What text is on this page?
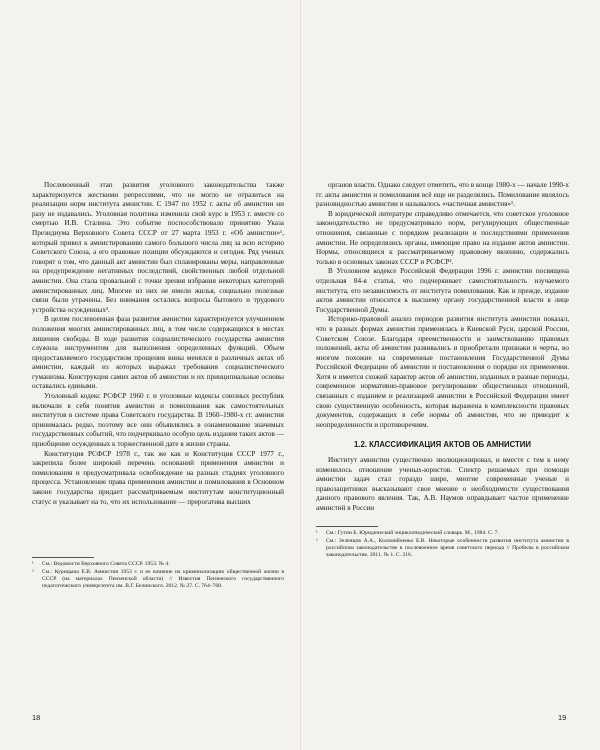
Послевоенный этап развития уголовного законодательства также характеризуется жесткими репрессиями, что не могло не отразиться на реализации норм института амнистии. С 1947 по 1952 г. акты об амнистии ни разу не издавались. Уголовная политика изменила свой курс в 1953 г. вместе со смертью И.В. Сталина. Это событие поспособствовало принятию Указа Президиума Верховного Совета СССР от 27 марта 1953 г. «Об амнистии»¹, который привел к амнистированию самого большого числа лиц за всю историю Советского Союза, а его правовые позиции обсуждаются и сегодня. Ряд ученых говорят о том, что данный акт амнистии был спланированы меры, направленные на предупреждение негативных последствий, свойственных любой отдельной амнистии. Она стала провальной с точки зрения избрания некоторых категорий амнистированных лиц. Многие из них не имели жилья, социально полезные связи были утрачены. Без внимания остались вопросы бытового и трудового устройства осужденных².

В целом послевоенная фаза развития амнистии характеризуется улучшением положения многих амнистированных лиц, в том числе содержащихся в местах лишения свободы. В ходе развития социалистического государства амнистия служила инструментом для выполнения определенных функций. Объем предоставляемого государством прощения вины менялся в различных актах об амнистии, каждый из которых выражал требования социалистического гуманизма. Конструкция самих актов об амнистии и их принципиальные основы оставались едиными.

Уголовный кодекс РСФСР 1960 г. и уголовные кодексы союзных республик включали в себя понятия амнистии и помилования как самостоятельных институтов в системе права Советского государства. В 1960–1980-х гг. амнистия принималась редко, поэтому все они объявлялись в ознаменование значимых государственных событий, что подчеркивало особую цель издания таких актов — приобщение осужденных к торжественной дате в жизни страны.

Конституция РСФСР 1978 г., так же как и Конституция СССР 1977 г., закрепила более широкий перечень оснований применения амнистии и помилования и предусматривала освобождение на разных стадиях уголовного процесса. Установление права применения амнистии и помилования в Основном законе государства придает рассматриваемым институтам конституционный статус и указывает на то, что их использование — прерогатива высших

¹	См.: Ведомости Верховного Совета СССР. 1953. № 4.
²	См.: Курицына Е.В. Амнистия 1953 г. и ее влияние на криминализацию общественной жизни в СССР (на материалах Пензенской области) // Известия Пензенского государственного педагогического университета им. В.Г. Белинского. 2012. № 27. С. 764–768.
18

органов власти. Однако следует отметить, что в конце 1980-х — начале 1990-х гг. акты амнистии и помилования всё еще не разделялись. Помилование являлось разновидностью амнистии и называлось «частичная амнистия»¹.

В юридической литературе справедливо отмечается, что советское уголовное законодательство не предусматривало норм, регулирующих общественные отношения, связанные с порядком реализации и последствиями применения амнистии. Не определялись органы, имеющие право на издание актов амнистии. Нормы, относящиеся к рассматриваемому правовому явлению, содержались только в основных законах СССР и РСФСР².

В Уголовном кодексе Российской Федерации 1996 г. амнистии посвящена отдельная 84-я статья, что подчеркивает самостоятельность изучаемого института, его независимость от института помилования. Как и прежде, издание актов амнистии относится к высшему органу государственной власти в лице Государственной Думы.

Историко-правовой анализ периодов развития института амнистии показал, что в разных формах амнистия применялась в Киевской Руси, царской России, Советском Союзе. Благодаря преемственности и заимствованию правовых положений, акты об амнистии развивались и приобретали признаки и черты, во многом похожие на современные постановления Государственной Думы Российской Федерации об амнистии и постановления о порядке их применения. Хотя и имеется схожий характер актов об амнистии, изданных в разные периоды, современное нормативно-правовое регулирование общественных отношений, связанных с изданием и реализацией амнистии в Российской Федерации имеет свою существенную особенность, которая выражена в комплексности правовых документов, содержащих в себе нормы об амнистии, что не приводит к неопределенности и противоречиям.

1.2. КЛАССИФИКАЦИЯ АКТОВ ОБ АМНИСТИИ

Институт амнистии существенно эволюционировал, и вместе с тем к нему изменилось отношение ученых-юристов. Спектр решаемых при помощи амнистии задач стал гораздо шире, многие современные ученые и правозащитники высказывают свое мнение о необходимости существования данного правового явления. Так, А.В. Наумов оправдывает частое применение амнистий в России

¹	См.: Гутин Б. Юридический энциклопедический словарь. М., 1984. С. 7.
²	См.: Зеленцов А.А., Коломийченко Е.В. Некоторые особенности развития института амнистии в российском законодательстве в послевоенное время советского периода // Пробелы в российском законодательстве. 2011. № 1. С. 216.
19
